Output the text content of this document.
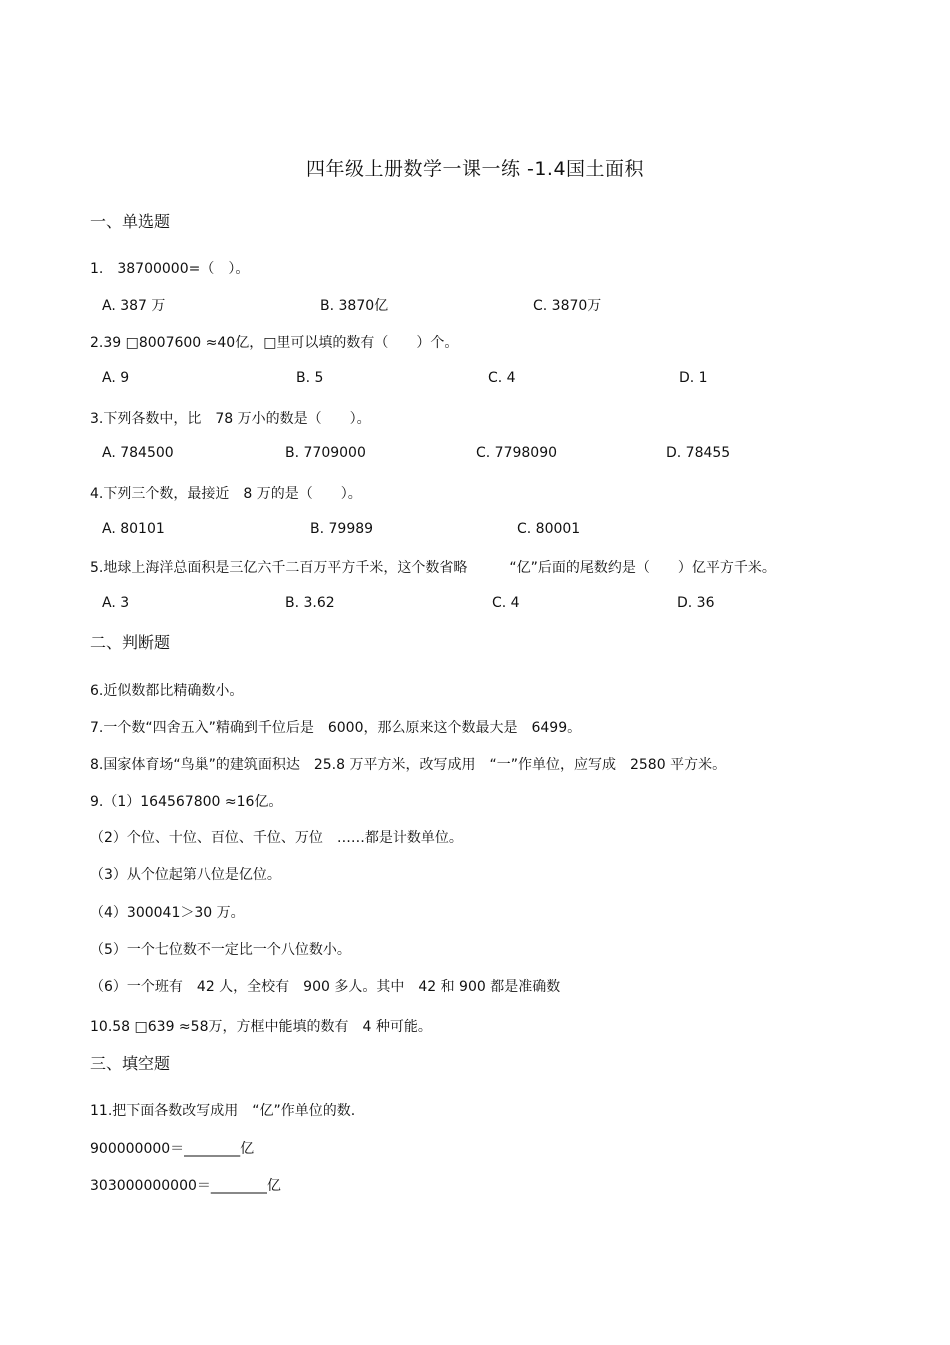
四年级上册数学一课一练 -1.4国土面积
一、单选题
1.　38700000=（　）。
A. 387 万	B. 3870亿	C. 3870万
2.39 □8007600 ≈40亿，□里可以填的数有（　　）个。
A. 9	B. 5	C. 4	D. 1
3.下列各数中，比　78 万小的数是（　　）。
A. 784500	B. 7709000	C. 7798090	D. 78455
4.下列三个数，最接近　8 万的是（　　）。
A. 80101	B. 79989	C. 80001
5.地球上海洋总面积是三亿六千二百万平方千米，这个数省略　　　“亿”后面的尾数约是（　　）亿平方千米。
A. 3	B. 3.62	C. 4	D. 36
二、判断题
6.近似数都比精确数小。
7.一个数“四舍五入”精确到千位后是　6000，那么原来这个数最大是　6499。
8.国家体育场“鸟巢”的建筑面积达　25.8 万平方米，改写成用　“一”作单位，应写成　2580 平方米。
9.（1）164567800 ≈16亿。
（2）个位、十位、百位、千位、万位　……都是计数单位。
（3）从个位起第八位是亿位。
（4）300041＞30 万。
（5）一个七位数不一定比一个八位数小。
（6）一个班有　42 人，全校有　900 多人。其中　42 和 900 都是准确数
10.58 □639 ≈58万，方框中能填的数有　4 种可能。
三、填空题
11.把下面各数改写成用　“亿”作单位的数.
900000000＝________亿
303000000000＝________亿
